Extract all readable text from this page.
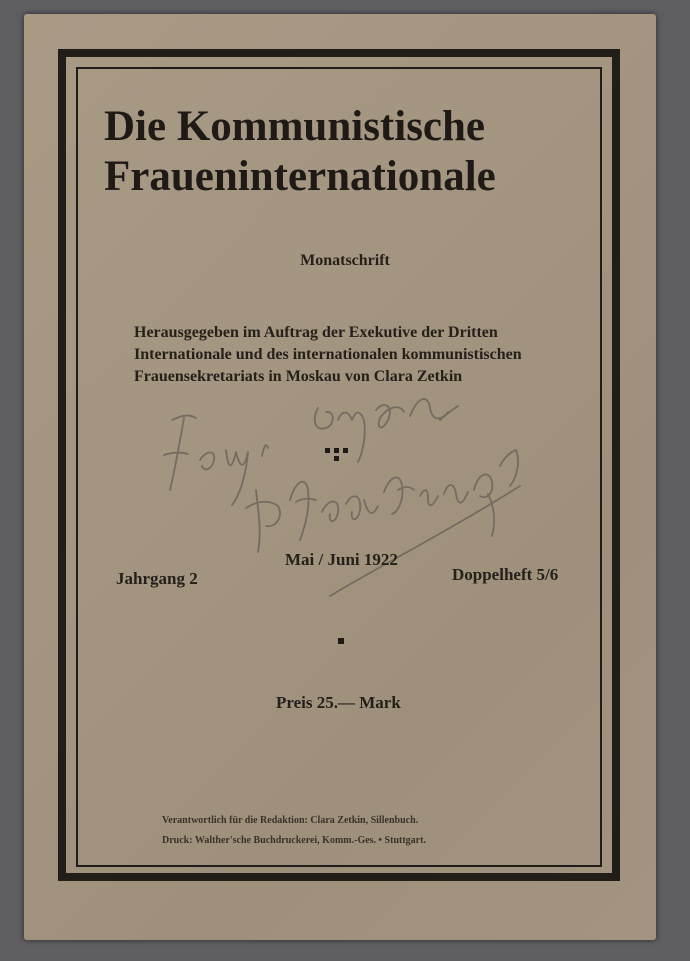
Die Kommunistische
Fraueninternationale
Monatschrift
Herausgegeben im Auftrag der Exekutive der Dritten
Internationale und des internationalen kommunistischen
Frauensekretariats in Moskau von Clara Zetkin
Mai / Juni 1922
Jahrgang 2	Doppelheft 5/6
Preis 25.— Mark
Verantwortlich für die Redaktion: Clara Zetkin, Sillenbuch.
Druck: Walther'sche Buchdruckerei, Komm.-Ges. • Stuttgart.
